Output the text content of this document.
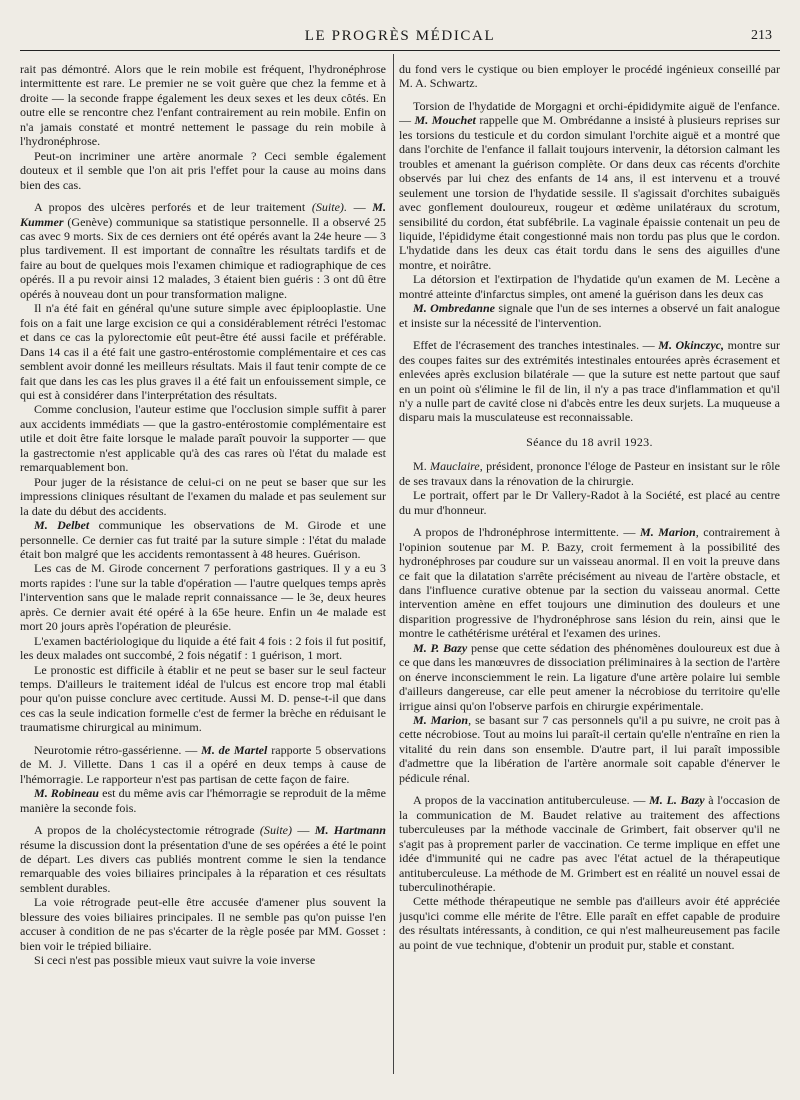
LE PROGRÈS MÉDICAL	213

rait pas démontré. Alors que le rein mobile est fréquent, l'hydronéphrose intermittente est rare. Le premier ne se voit guère que chez la femme et à droite — la seconde frappe également les deux sexes et les deux côtés. En outre elle se rencontre chez l'enfant contrairement au rein mobile. Enfin on n'a jamais constaté et montré nettement le passage du rein mobile à l'hydronéphrose.

Peut-on incriminer une artère anormale ? Ceci semble également douteux et il semble que l'on ait pris l'effet pour la cause au moins dans bien des cas.

A propos des ulcères perforés et de leur traitement (Suite). — M. Kummer (Genève) communique sa statistique personnelle. Il a observé 25 cas avec 9 morts. Six de ces derniers ont été opérés avant la 24e heure — 3 plus tardivement. Il est important de connaître les résultats tardifs et de faire au bout de quelques mois l'examen chimique et radiographique de ces opérés. Il a pu revoir ainsi 12 malades, 3 étaient bien guéris : 3 ont dû être opérés à nouveau dont un pour transformation maligne.

Il n'a été fait en général qu'une suture simple avec épiplooplastie. Une fois on a fait une large excision ce qui a considérablement rétréci l'estomac et dans ce cas la pylorectomie eût peut-être été aussi facile et préférable. Dans 14 cas il a été fait une gastro-entérostomie complémentaire et ces cas semblent avoir donné les meilleurs résultats. Mais il faut tenir compte de ce fait que dans les cas les plus graves il a été fait un enfouissement simple, ce qui est à considérer dans l'interprétation des résultats.

Comme conclusion, l'auteur estime que l'occlusion simple suffit à parer aux accidents immédiats — que la gastro-entérostomie complémentaire est utile et doit être faite lorsque le malade paraît pouvoir la supporter — que la gastrectomie n'est applicable qu'à des cas rares où l'état du malade est remarquablement bon.

Pour juger de la résistance de celui-ci on ne peut se baser que sur les impressions cliniques résultant de l'examen du malade et pas seulement sur la date du début des accidents.

M. Delbet communique les observations de M. Girode et une personnelle. Ce dernier cas fut traité par la suture simple : l'état du malade était bon malgré que les accidents remontassent à 48 heures. Guérison.

Les cas de M. Girode concernent 7 perforations gastriques. Il y a eu 3 morts rapides : l'une sur la table d'opération — l'autre quelques temps après l'intervention sans que le malade reprit connaissance — le 3e, deux heures après. Ce dernier avait été opéré à la 65e heure. Enfin un 4e malade est mort 20 jours après l'opération de pleurésie.

L'examen bactériologique du liquide a été fait 4 fois : 2 fois il fut positif, les deux malades ont succombé, 2 fois négatif : 1 guérison, 1 mort.

Le pronostic est difficile à établir et ne peut se baser sur le seul facteur temps. D'ailleurs le traitement idéal de l'ulcus est encore trop mal établi pour qu'on puisse conclure avec certitude. Aussi M. D. pense-t-il que dans ces cas la seule indication formelle c'est de fermer la brèche en réduisant le traumatisme chirurgical au minimum.

Neurotomie rétro-gassérienne. — M. de Martel rapporte 5 observations de M. J. Villette. Dans 1 cas il a opéré en deux temps à cause de l'hémorragie. Le rapporteur n'est pas partisan de cette façon de faire.

M. Robineau est du même avis car l'hémorragie se reproduit de la même manière la seconde fois.

A propos de la cholécystectomie rétrograde (Suite) — M. Hartmann résume la discussion dont la présentation d'une de ses opérées a été le point de départ. Les divers cas publiés montrent comme le sien la tendance remarquable des voies biliaires principales à la réparation et ces résultats semblent durables.

La voie rétrograde peut-elle être accusée d'amener plus souvent la blessure des voies biliaires principales. Il ne semble pas qu'on puisse l'en accuser à condition de ne pas s'écarter de la règle posée par MM. Gosset : bien voir le trépied biliaire.

Si ceci n'est pas possible mieux vaut suivre la voie inverse

du fond vers le cystique ou bien employer le procédé ingénieux conseillé par M. A. Schwartz.

Torsion de l'hydatide de Morgagni et orchi-épididymite aiguë de l'enfance. — M. Mouchet rappelle que M. Ombrédanne a insisté à plusieurs reprises sur les torsions du testicule et du cordon simulant l'orchite aiguë et a montré que dans l'orchite de l'enfance il fallait toujours intervenir, la détorsion calmant les troubles et amenant la guérison complète. Or dans deux cas récents d'orchite observés par lui chez des enfants de 14 ans, il est intervenu et a trouvé seulement une torsion de l'hydatide sessile. Il s'agissait d'orchites subaiguës avec gonflement douloureux, rougeur et œdème unilatéraux du scrotum, sensibilité du cordon, état subfébrile. La vaginale épaissie contenait un peu de liquide, l'épididyme était congestionné mais non tordu pas plus que le cordon. L'hydatide dans les deux cas était tordu dans le sens des aiguilles d'une montre, et noirâtre.

La détorsion et l'extirpation de l'hydatide qu'un examen de M. Lecène a montré atteinte d'infarctus simples, ont amené la guérison dans les deux cas

M. Ombredanne signale que l'un de ses internes a observé un fait analogue et insiste sur la nécessité de l'intervention.

Effet de l'écrasement des tranches intestinales. — M. Okinczyc, montre sur des coupes faites sur des extrémités intestinales entourées après écrasement et enlevées après exclusion bilatérale — que la suture est nette partout que sauf en un point où s'élimine le fil de lin, il n'y a pas trace d'inflammation et qu'il n'y a nulle part de cavité close ni d'abcès entre les deux surjets. La muqueuse a disparu mais la musculateuse est reconnaissable.

Séance du 18 avril 1923.

M. Mauclaire, président, prononce l'éloge de Pasteur en insistant sur le rôle de ses travaux dans la rénovation de la chirurgie.

Le portrait, offert par le Dr Vallery-Radot à la Société, est placé au centre du mur d'honneur.

A propos de l'hdronéphrose intermittente. — M. Marion, contrairement à l'opinion soutenue par M. P. Bazy, croit fermement à la possibilité des hydronéphroses par coudure sur un vaisseau anormal. Il en voit la preuve dans ce fait que la dilatation s'arrête précisément au niveau de l'artère obstacle, et dans l'influence curative obtenue par la section du vaisseau anormal. Cette intervention amène en effet toujours une diminution des douleurs et une disparition progressive de l'hydronéphrose sans lésion du rein, ainsi que le montre le cathétérisme urétéral et l'examen des urines.

M. P. Bazy pense que cette sédation des phénomènes douloureux est due à ce que dans les manœuvres de dissociation préliminaires à la section de l'artère on énerve inconsciemment le rein. La ligature d'une artère polaire lui semble d'ailleurs dangereuse, car elle peut amener la nécrobiose du territoire qu'elle irrigue ainsi qu'on l'observe parfois en chirurgie expérimentale.

M. Marion, se basant sur 7 cas personnels qu'il a pu suivre, ne croit pas à cette nécrobiose. Tout au moins lui paraît-il certain qu'elle n'entraîne en rien la vitalité du rein dans son ensemble. D'autre part, il lui paraît impossible d'admettre que la libération de l'artère anormale soit capable d'énerver le pédicule rénal.

A propos de la vaccination antituberculeuse. — M. L. Bazy à l'occasion de la communication de M. Baudet relative au traitement des affections tuberculeuses par la méthode vaccinale de Grimbert, fait observer qu'il ne s'agit pas à proprement parler de vaccination. Ce terme implique en effet une idée d'immunité qui ne cadre pas avec l'état actuel de la thérapeutique antituberculeuse. La méthode de M. Grimbert est en réalité un nouvel essai de tuberculinothérapie.

Cette méthode thérapeutique ne semble pas d'ailleurs avoir été appréciée jusqu'ici comme elle mérite de l'être. Elle paraît en effet capable de produire des résultats intéressants, à condition, ce qui n'est malheureusement pas facile au point de vue technique, d'obtenir un produit pur, stable et constant.
